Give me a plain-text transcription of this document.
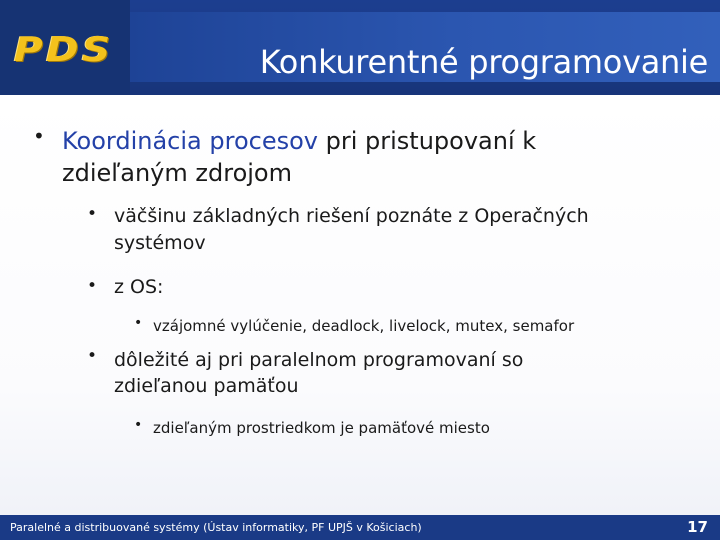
PDS	Konkurentné programovanie
• Koordinácia procesov pri pristupovaní k
zdieľaným zdrojom
• väčšinu základných riešení poznáte z Operačných
systémov
• z OS:
• vzájomné vylúčenie, deadlock, livelock, mutex, semafor
• dôležité aj pri paralelnom programovaní so
zdieľanou pamäťou
• zdieľaným prostriedkom je pamäťové miesto
Paralelné a distribuované systémy (Ústav informatiky, PF UPJŠ v Košiciach)	17
